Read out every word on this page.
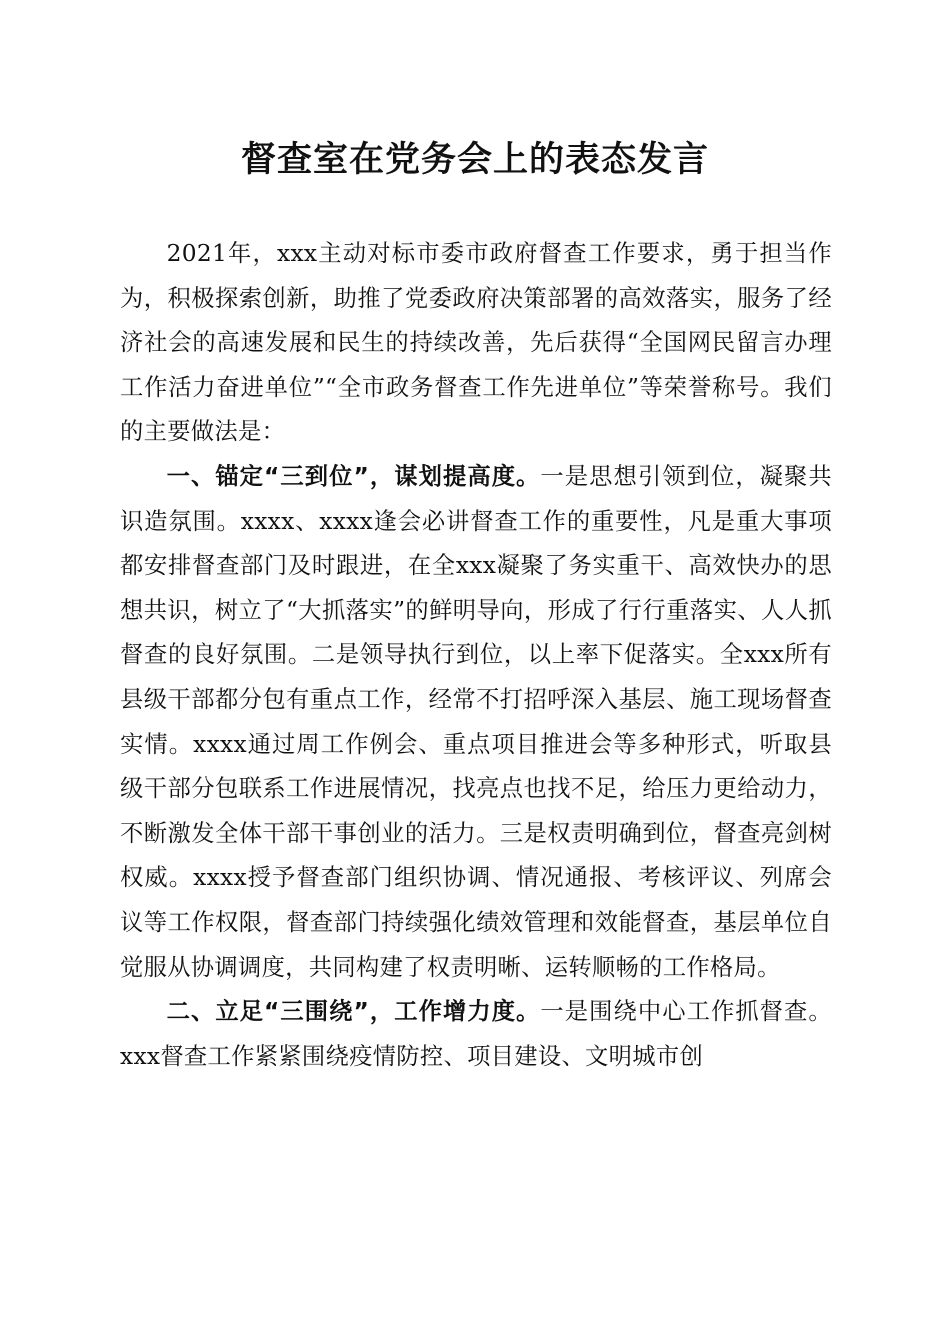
督查室在党务会上的表态发言

2021年，xxx主动对标市委市政府督查工作要求，勇于担当作为，积极探索创新，助推了党委政府决策部署的高效落实，服务了经济社会的高速发展和民生的持续改善，先后获得“全国网民留言办理工作活力奋进单位”“全市政务督查工作先进单位”等荣誉称号。我们的主要做法是：

一、锚定“三到位”，谋划提高度。一是思想引领到位，凝聚共识造氛围。xxxx、xxxx逢会必讲督查工作的重要性，凡是重大事项都安排督查部门及时跟进，在全xxx凝聚了务实重干、高效快办的思想共识，树立了“大抓落实”的鲜明导向，形成了行行重落实、人人抓督查的良好氛围。二是领导执行到位，以上率下促落实。全xxx所有县级干部都分包有重点工作，经常不打招呼深入基层、施工现场督查实情。xxxx通过周工作例会、重点项目推进会等多种形式，听取县级干部分包联系工作进展情况，找亮点也找不足，给压力更给动力，不断激发全体干部干事创业的活力。三是权责明确到位，督查亮剑树权威。xxxx授予督查部门组织协调、情况通报、考核评议、列席会议等工作权限，督查部门持续强化绩效管理和效能督查，基层单位自觉服从协调调度，共同构建了权责明晰、运转顺畅的工作格局。

二、立足“三围绕”，工作增力度。一是围绕中心工作抓督查。xxx督查工作紧紧围绕疫情防控、项目建设、文明城市创
